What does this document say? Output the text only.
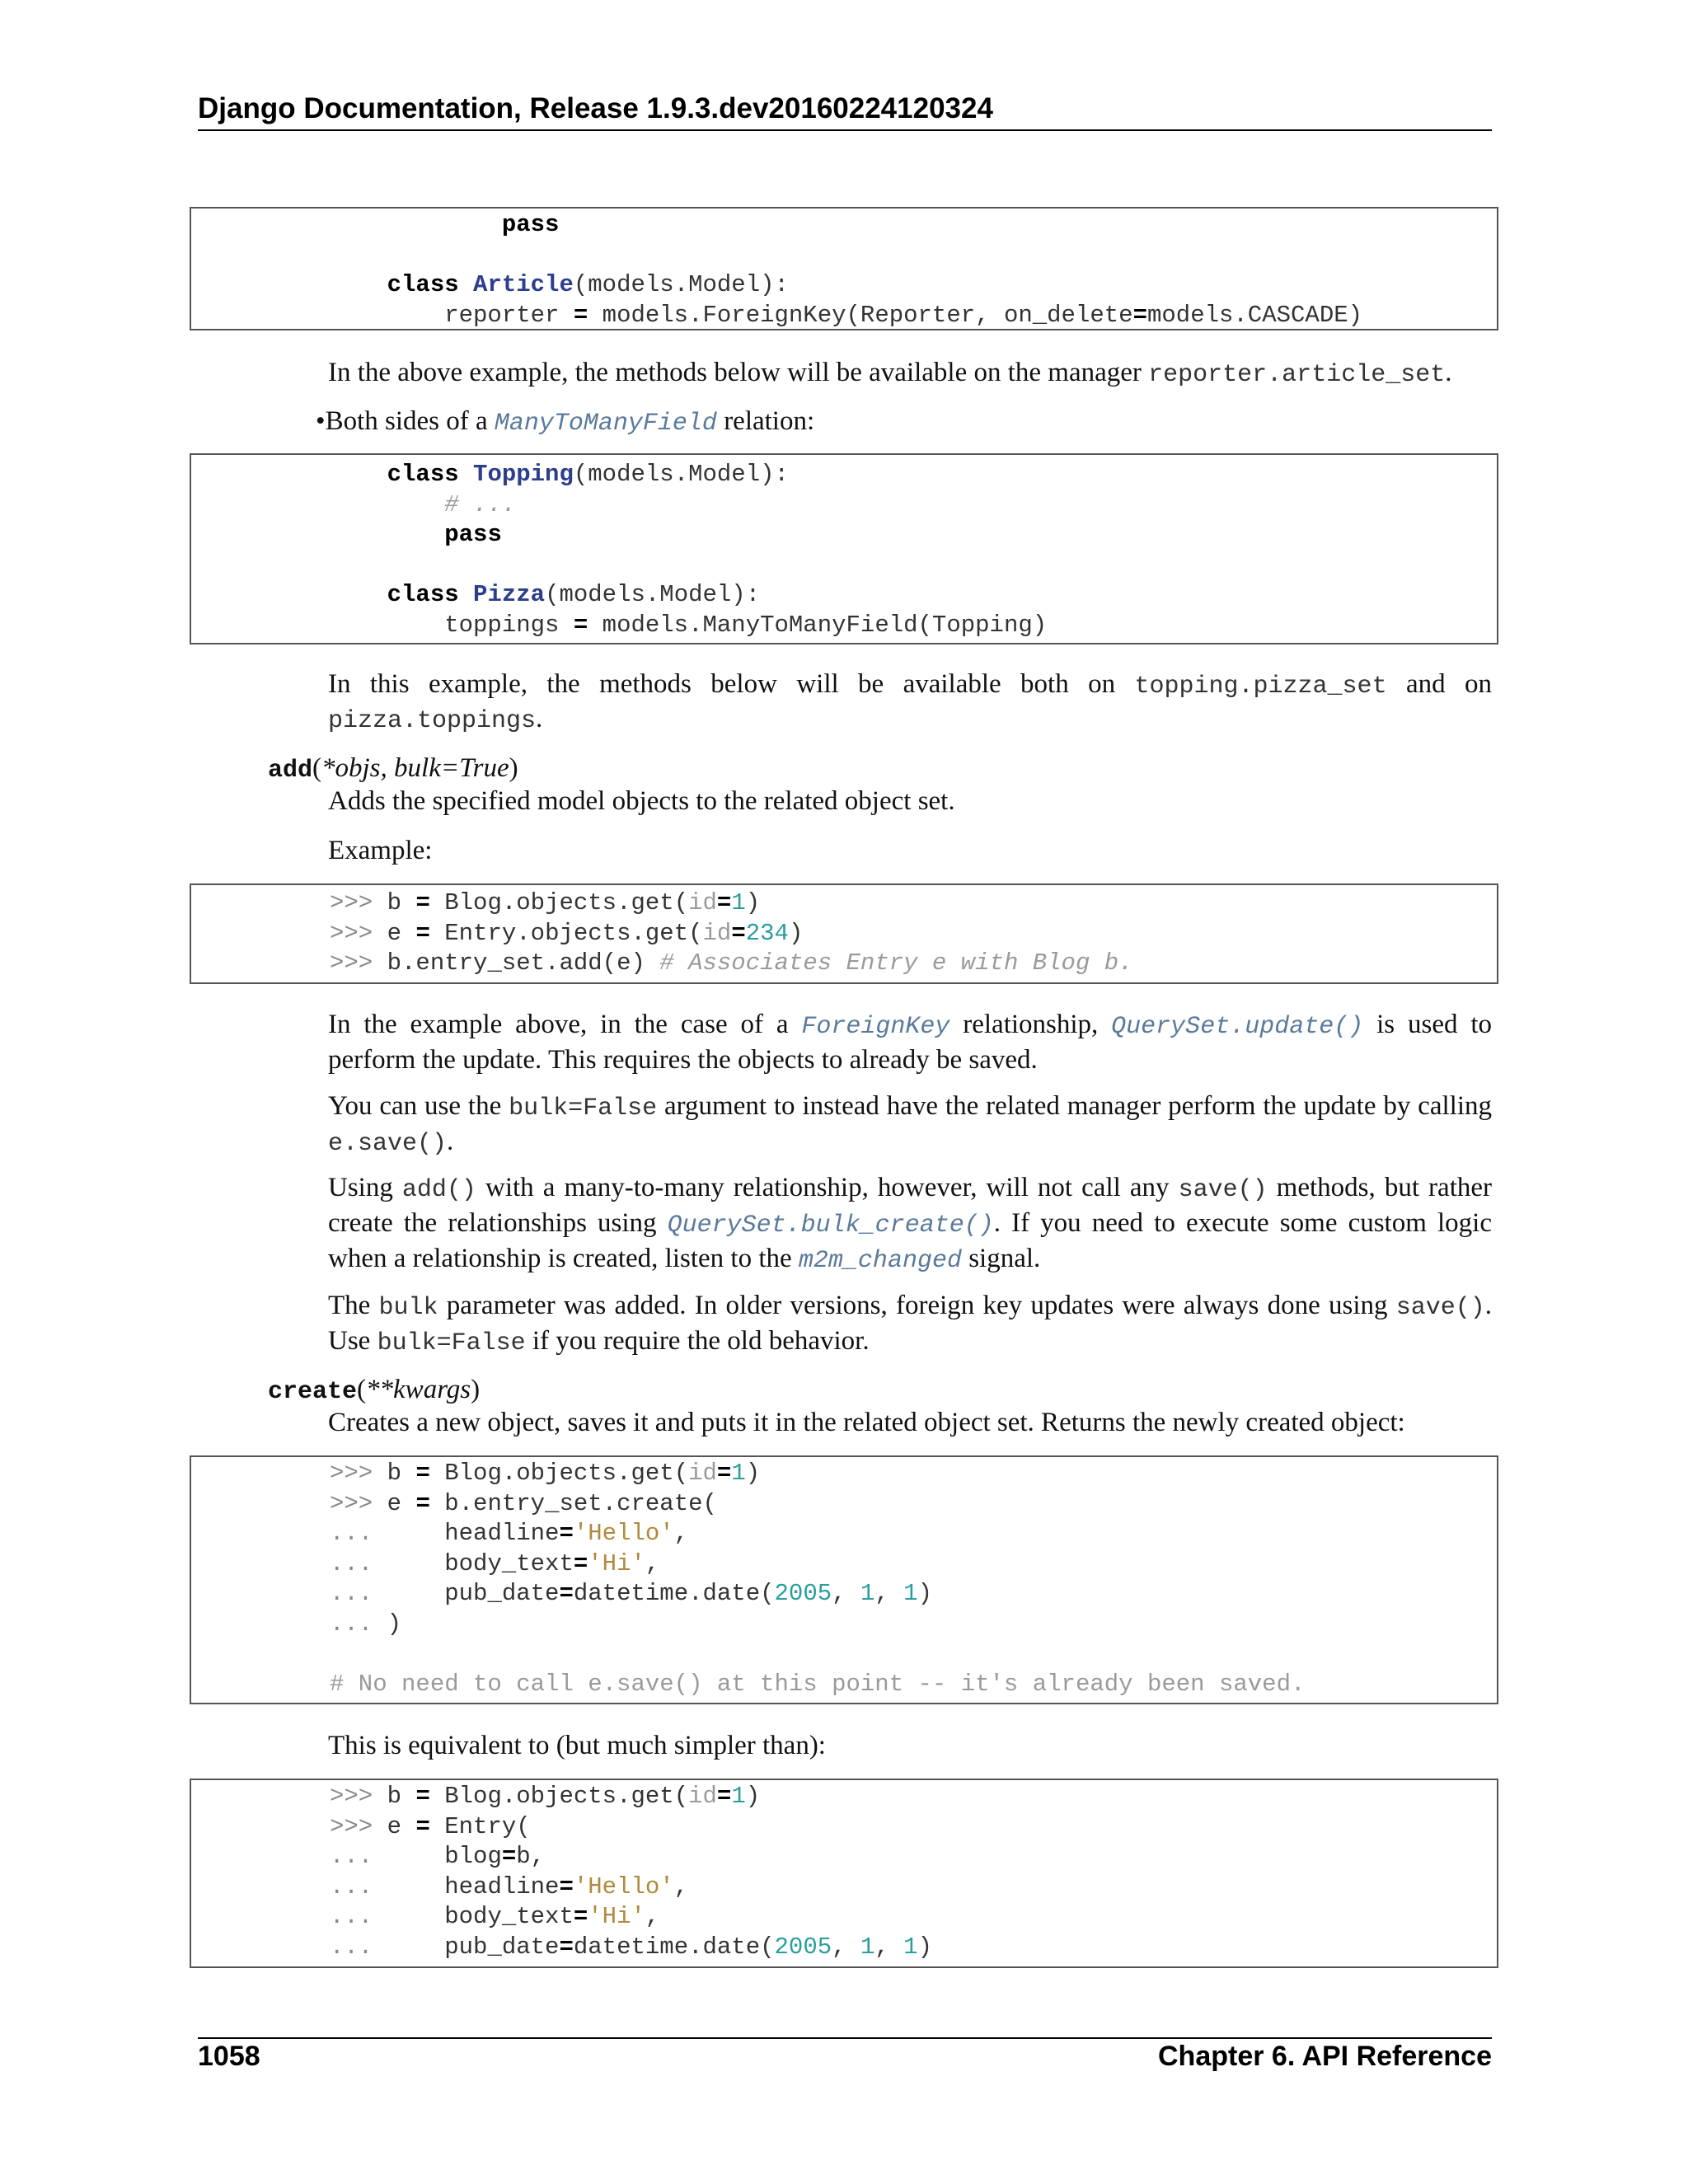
Django Documentation, Release 1.9.3.dev20160224120324
pass

class Article(models.Model):
reporter = models.ForeignKey(Reporter, on_delete=models.CASCADE)
In the above example, the methods below will be available on the manager reporter.article_set.
•Both sides of a ManyToManyField relation:
class Topping(models.Model):
# ...
pass

class Pizza(models.Model):
toppings = models.ManyToManyField(Topping)
In this example, the methods below will be available both on topping.pizza_set and on
pizza.toppings.
add(*objs, bulk=True)
Adds the specified model objects to the related object set.
Example:
>>> b = Blog.objects.get(id=1)
>>> e = Entry.objects.get(id=234)
>>> b.entry_set.add(e) # Associates Entry e with Blog b.
In the example above, in the case of a ForeignKey relationship, QuerySet.update() is used to perform the update. This requires the objects to already be saved.
You can use the bulk=False argument to instead have the related manager perform the update by calling e.save().
Using add() with a many-to-many relationship, however, will not call any save() methods, but rather create the relationships using QuerySet.bulk_create(). If you need to execute some custom logic when a relationship is created, listen to the m2m_changed signal.
The bulk parameter was added. In older versions, foreign key updates were always done using save(). Use bulk=False if you require the old behavior.
create(**kwargs)
Creates a new object, saves it and puts it in the related object set. Returns the newly created object:
>>> b = Blog.objects.get(id=1)
>>> e = b.entry_set.create(
...     headline='Hello',
...     body_text='Hi',
...     pub_date=datetime.date(2005, 1, 1)
... )

# No need to call e.save() at this point -- it's already been saved.
This is equivalent to (but much simpler than):
>>> b = Blog.objects.get(id=1)
>>> e = Entry(
...     blog=b,
...     headline='Hello',
...     body_text='Hi',
...     pub_date=datetime.date(2005, 1, 1)
1058	Chapter 6. API Reference
